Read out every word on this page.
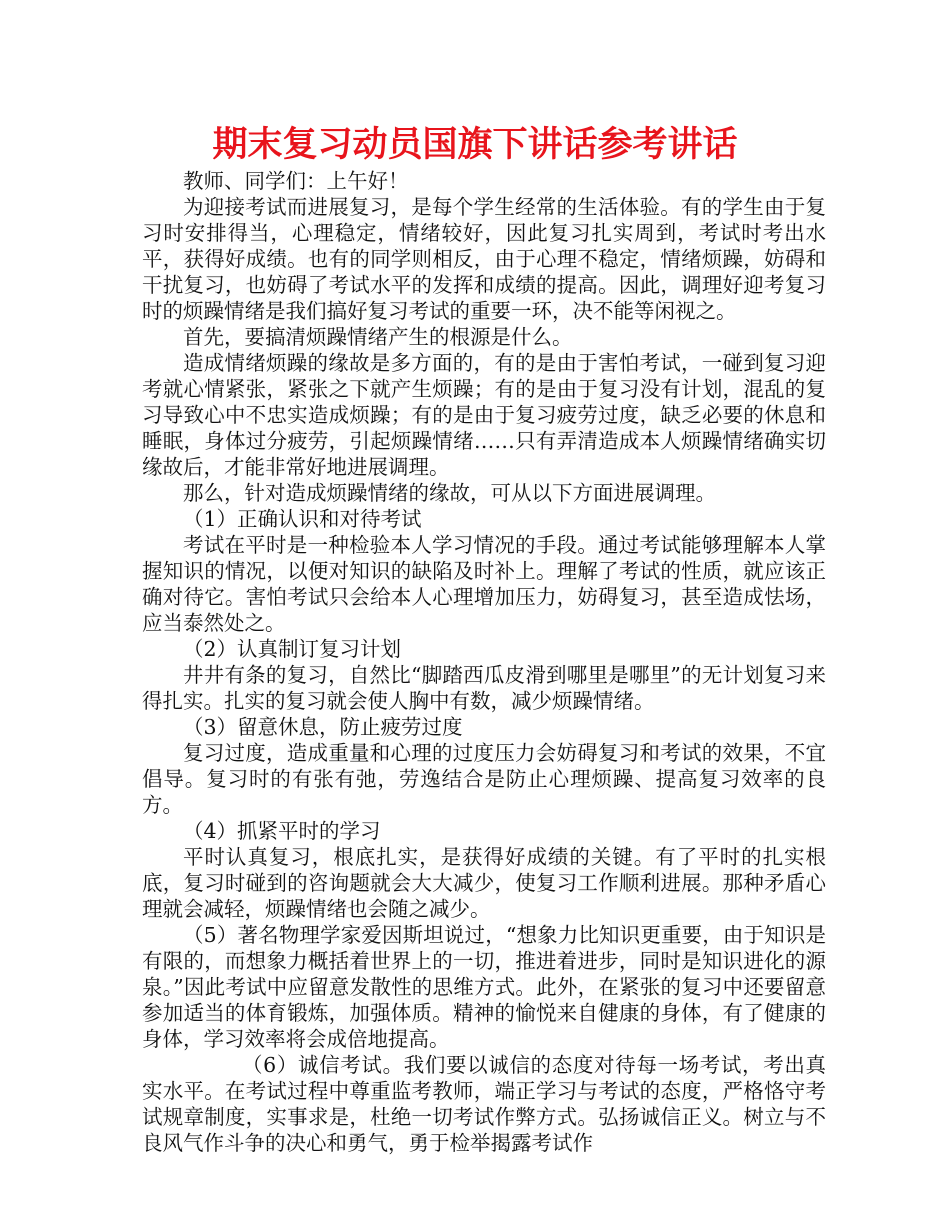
期末复习动员国旗下讲话参考讲话

教师、同学们：上午好！

为迎接考试而进展复习，是每个学生经常的生活体验。有的学生由于复习时安排得当，心理稳定，情绪较好，因此复习扎实周到，考试时考出水平，获得好成绩。也有的同学则相反，由于心理不稳定，情绪烦躁，妨碍和干扰复习，也妨碍了考试水平的发挥和成绩的提高。因此，调理好迎考复习时的烦躁情绪是我们搞好复习考试的重要一环，决不能等闲视之。

首先，要搞清烦躁情绪产生的根源是什么。

造成情绪烦躁的缘故是多方面的，有的是由于害怕考试，一碰到复习迎考就心情紧张，紧张之下就产生烦躁；有的是由于复习没有计划，混乱的复习导致心中不忠实造成烦躁；有的是由于复习疲劳过度，缺乏必要的休息和睡眠，身体过分疲劳，引起烦躁情绪……只有弄清造成本人烦躁情绪确实切缘故后，才能非常好地进展调理。

那么，针对造成烦躁情绪的缘故，可从以下方面进展调理。

（1）正确认识和对待考试

考试在平时是一种检验本人学习情况的手段。通过考试能够理解本人掌握知识的情况，以便对知识的缺陷及时补上。理解了考试的性质，就应该正确对待它。害怕考试只会给本人心理增加压力，妨碍复习，甚至造成怯场，应当泰然处之。

（2）认真制订复习计划

井井有条的复习，自然比“脚踏西瓜皮滑到哪里是哪里”的无计划复习来得扎实。扎实的复习就会使人胸中有数，减少烦躁情绪。

（3）留意休息，防止疲劳过度

复习过度，造成重量和心理的过度压力会妨碍复习和考试的效果，不宜倡导。复习时的有张有弛，劳逸结合是防止心理烦躁、提高复习效率的良方。

（4）抓紧平时的学习

平时认真复习，根底扎实，是获得好成绩的关键。有了平时的扎实根底，复习时碰到的咨询题就会大大减少，使复习工作顺利进展。那种矛盾心理就会减轻，烦躁情绪也会随之减少。

（5）著名物理学家爱因斯坦说过，“想象力比知识更重要，由于知识是有限的，而想象力概括着世界上的一切，推进着进步，同时是知识进化的源泉。”因此考试中应留意发散性的思维方式。此外，在紧张的复习中还要留意参加适当的体育锻炼，加强体质。精神的愉悦来自健康的身体，有了健康的身体，学习效率将会成倍地提高。

（6）诚信考试。我们要以诚信的态度对待每一场考试，考出真实水平。在考试过程中尊重监考教师，端正学习与考试的态度，严格恪守考试规章制度，实事求是，杜绝一切考试作弊方式。弘扬诚信正义。树立与不良风气作斗争的决心和勇气，勇于检举揭露考试作
